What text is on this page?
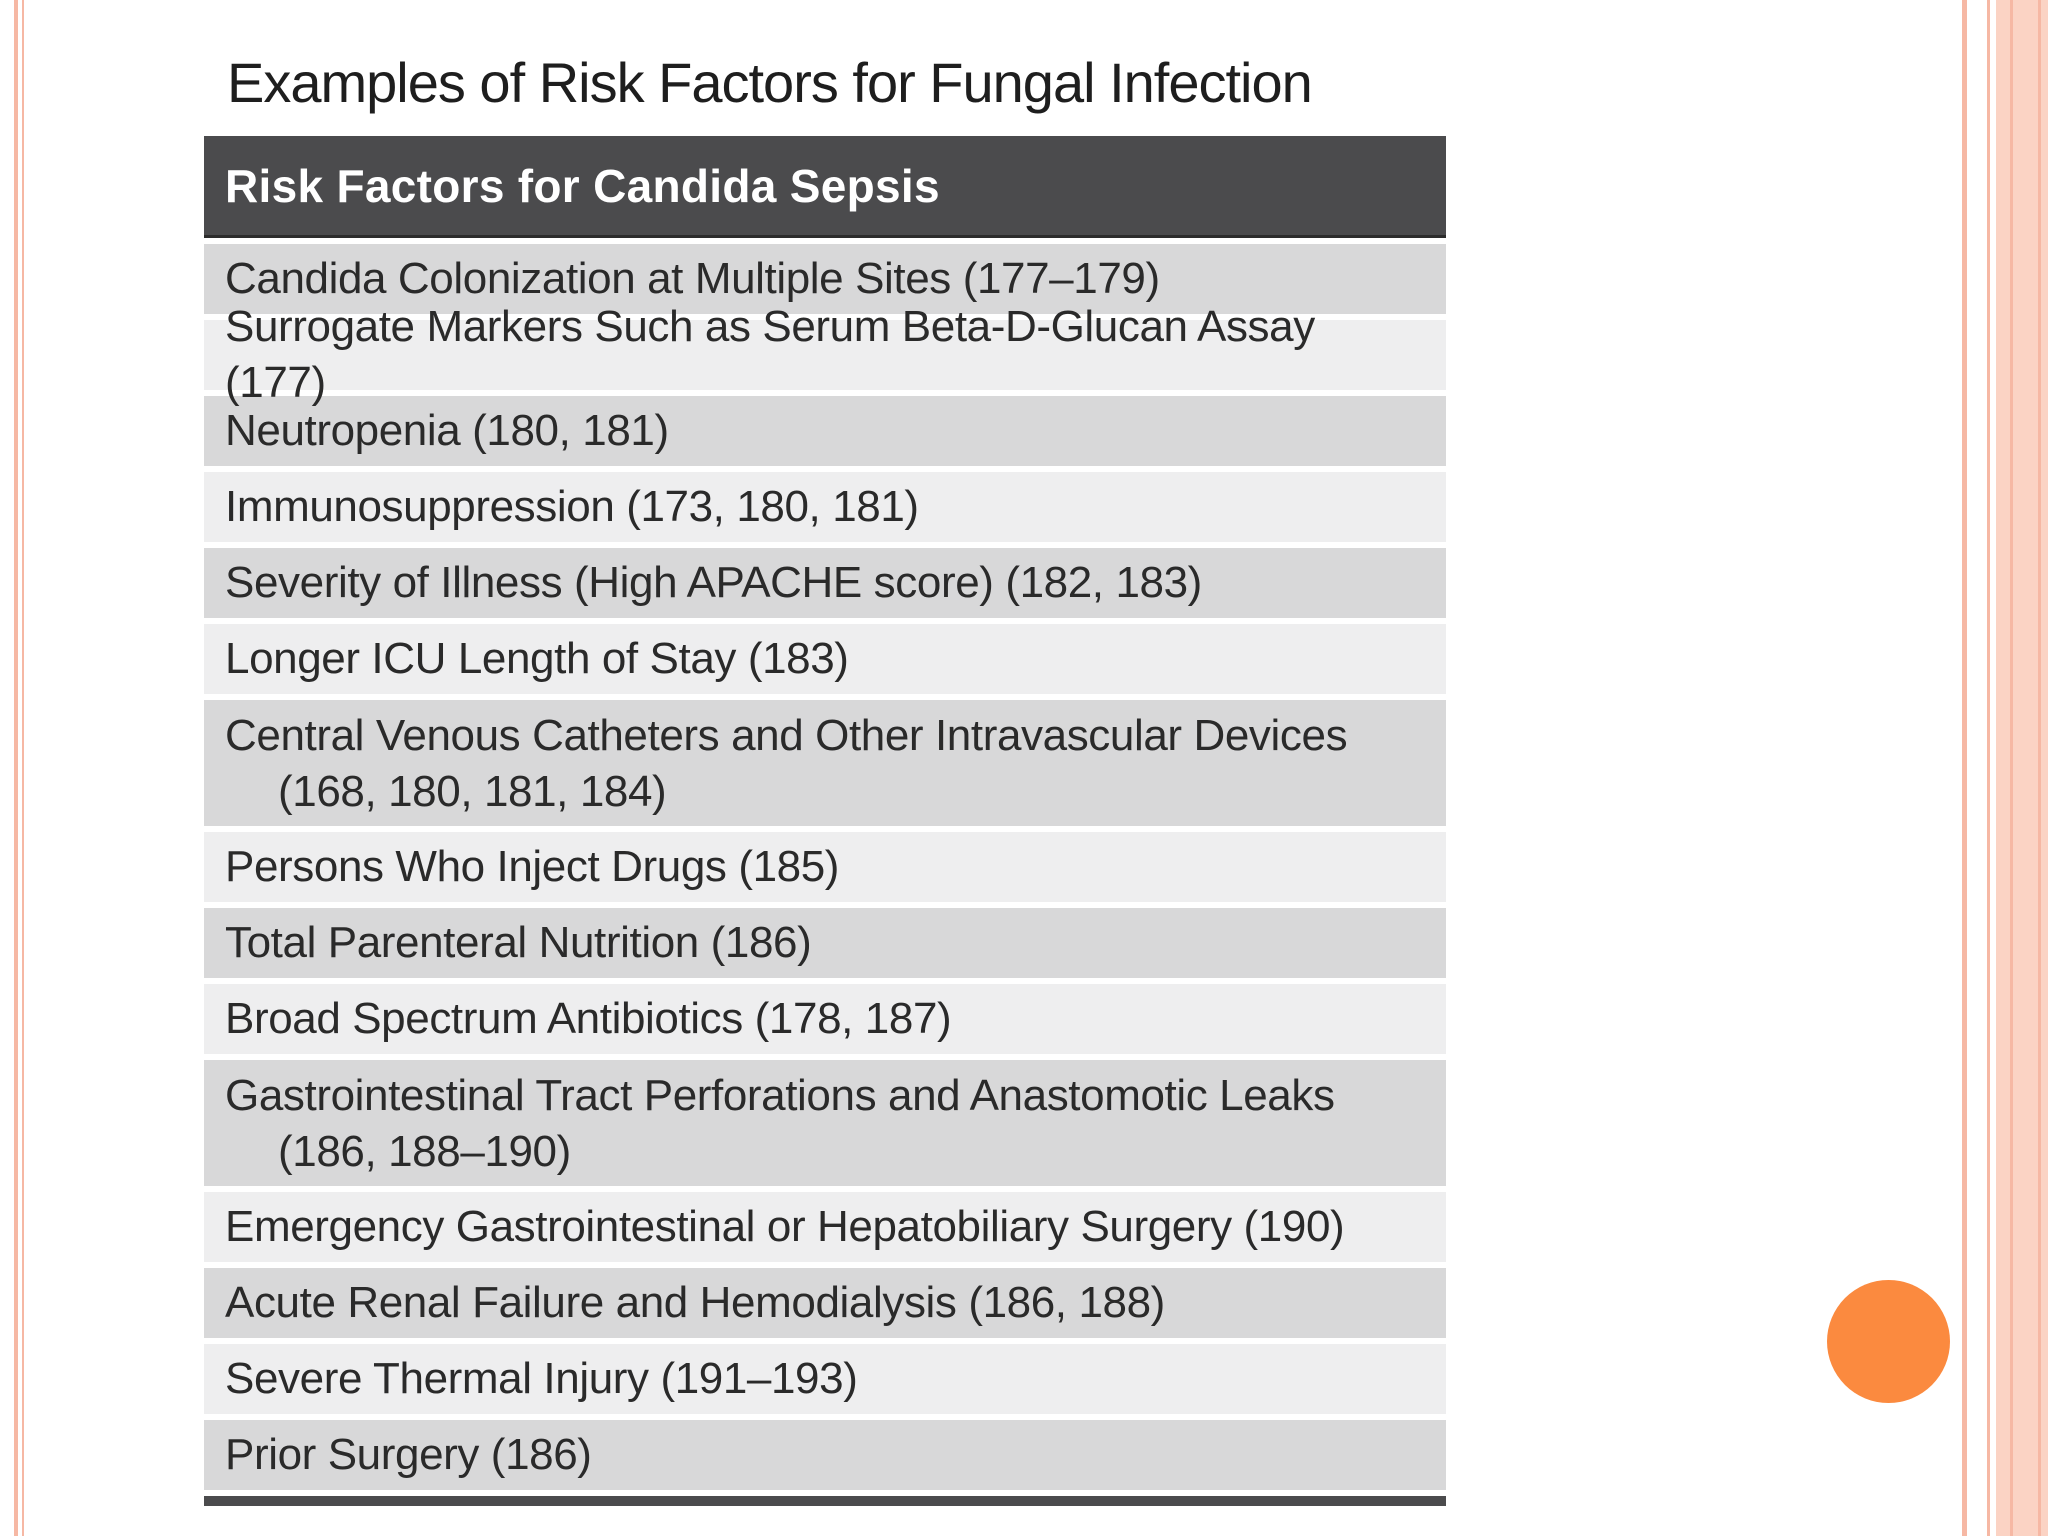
Examples of Risk Factors for Fungal Infection
Risk Factors for Candida Sepsis
Candida Colonization at Multiple Sites (177–179)
Surrogate Markers Such as Serum Beta-D-Glucan Assay (177)
Neutropenia (180, 181)
Immunosuppression (173, 180, 181)
Severity of Illness (High APACHE score) (182, 183)
Longer ICU Length of Stay (183)
Central Venous Catheters and Other Intravascular Devices
(168, 180, 181, 184)
Persons Who Inject Drugs (185)
Total Parenteral Nutrition (186)
Broad Spectrum Antibiotics (178, 187)
Gastrointestinal Tract Perforations and Anastomotic Leaks
(186, 188–190)
Emergency Gastrointestinal or Hepatobiliary Surgery (190)
Acute Renal Failure and Hemodialysis (186, 188)
Severe Thermal Injury (191–193)
Prior Surgery (186)
